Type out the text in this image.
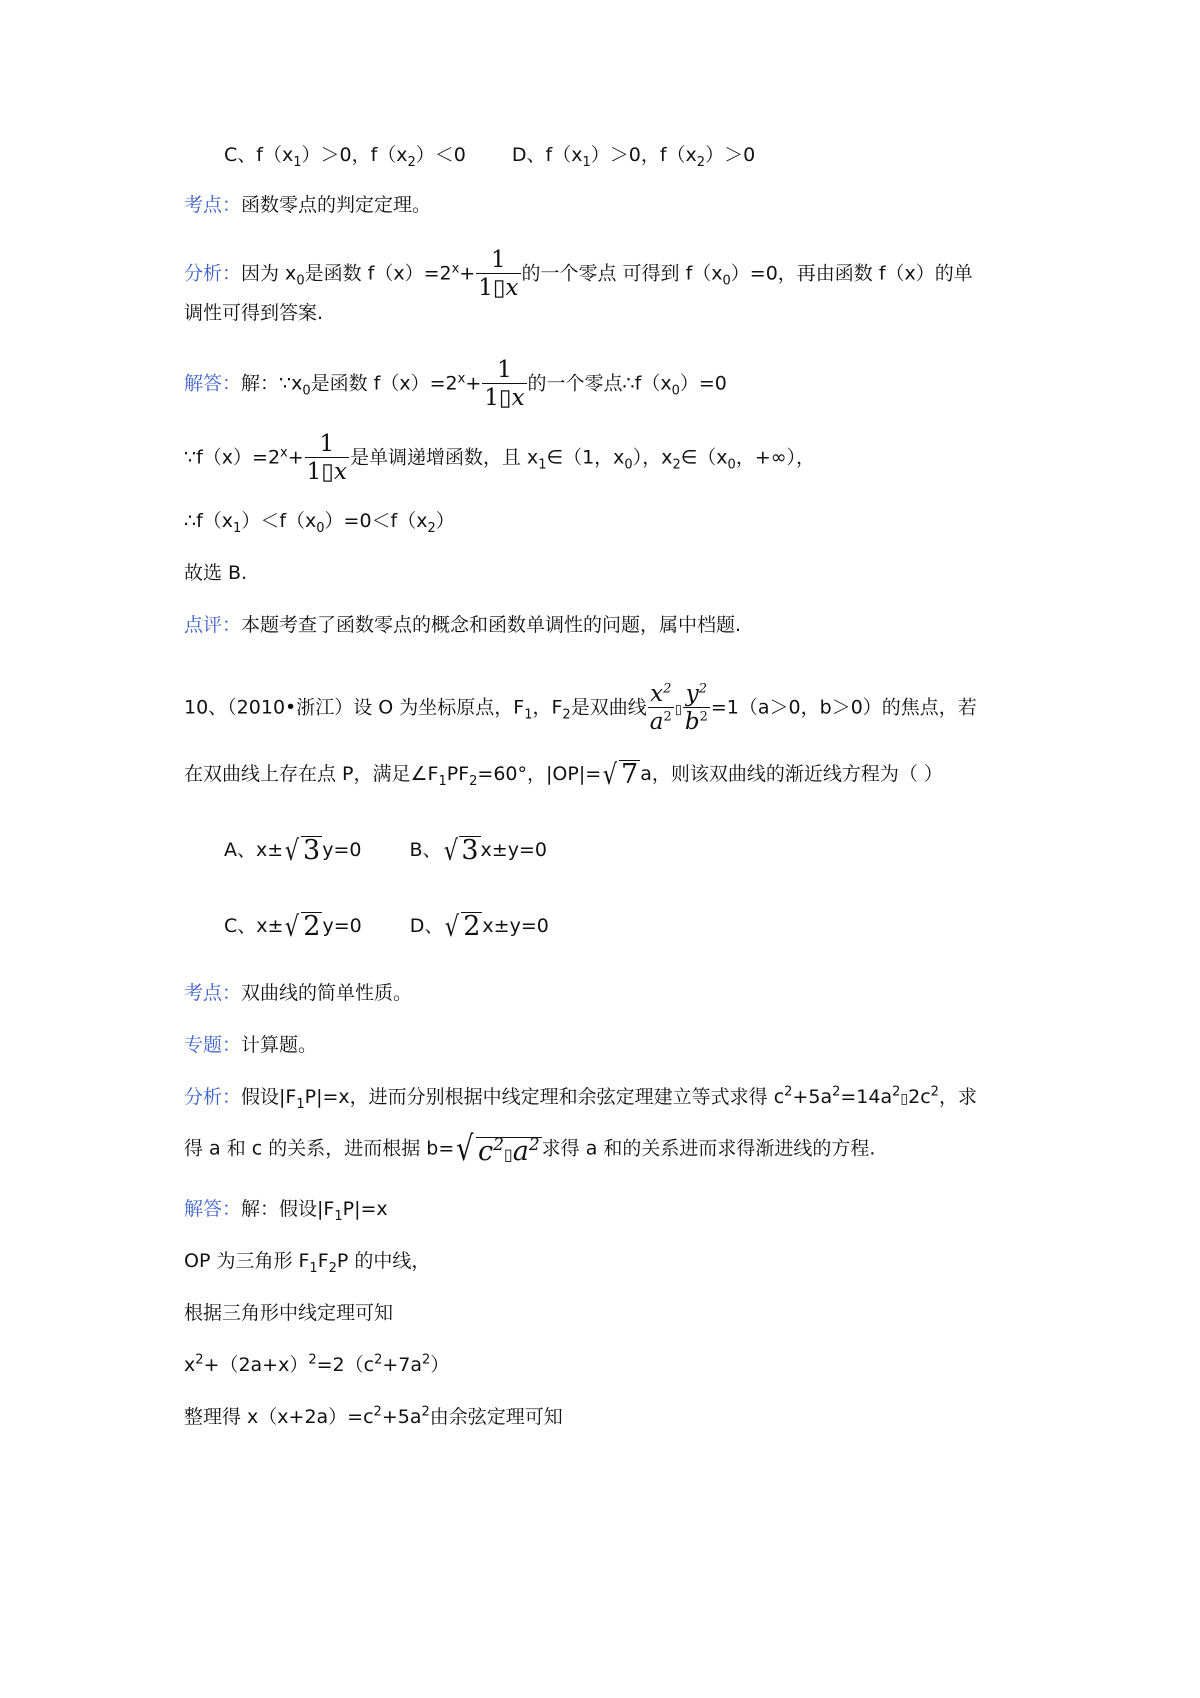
C、$f(x_1)>0$，$f(x_2)<0$ D、$f(x_1)>0$，$f(x_2)>0$
考点：函数零点的判定定理。
分析：因为 $x_0$是函数 $f(x)=2^x+ \frac{1}{1▯x}$ 的一个零点 可得到 $f(x_0)=0$，再由函数 f（x）的单
调性可得到答案.
解答：解：$\because x_0$是函数 $f(x)=2^x+ \frac{1}{1▯x}$ 的一个零点$\therefore f(x_0)=0$
$\because f(x)=2^x+ \frac{1}{1▯x}$ 是单调递增函数，且 $x_1\in(1$，$x_0$），$x_2\in(x_0$，+∞），
$\therefore f(x_1)<f(x_0)=0<f(x_2)$
故选 B.
点评：本题考查了函数零点的概念和函数单调性的问题，属中档题.
10、（2010•浙江）设 O 为坐标原点，$F_1$，$F_2$是双曲线 $\frac{x^2}{a^2}$ ▯ $\frac{y^2}{b^2} =1(a>0$，b＞0）的焦点，若
在双曲线上存在点 P，满足$\angle F_1PF_2=60^\circ$，|OP|= √ 7 a，则该双曲线的渐近线方程为（ ）
A、x± √ 3 y=0	B、 √ 3 x±y=0
C、x± √ 2 y=0	D、 √ 2 x±y=0
考点：双曲线的简单性质。
专题：计算题。
分析：假设$|F_1P|=x$，进而分别根据中线定理和余弦定理建立等式求得 $c^2+5a^2=14a^2▯2c^2$，求
得 a 和 c 的关系，进而根据 b= √ $c^2▯a^2$ 求得 a 和的关系进而求得渐进线的方程.
解答：解：假设$|F_1P|=x$
OP 为三角形 $F_1F_2P$ 的中线，
根据三角形中线定理可知
$x^2+(2a+x)^2=2(c^2+7a^2)$
整理得 $x(x+2a)=c^2+5a^2$由余弦定理可知
